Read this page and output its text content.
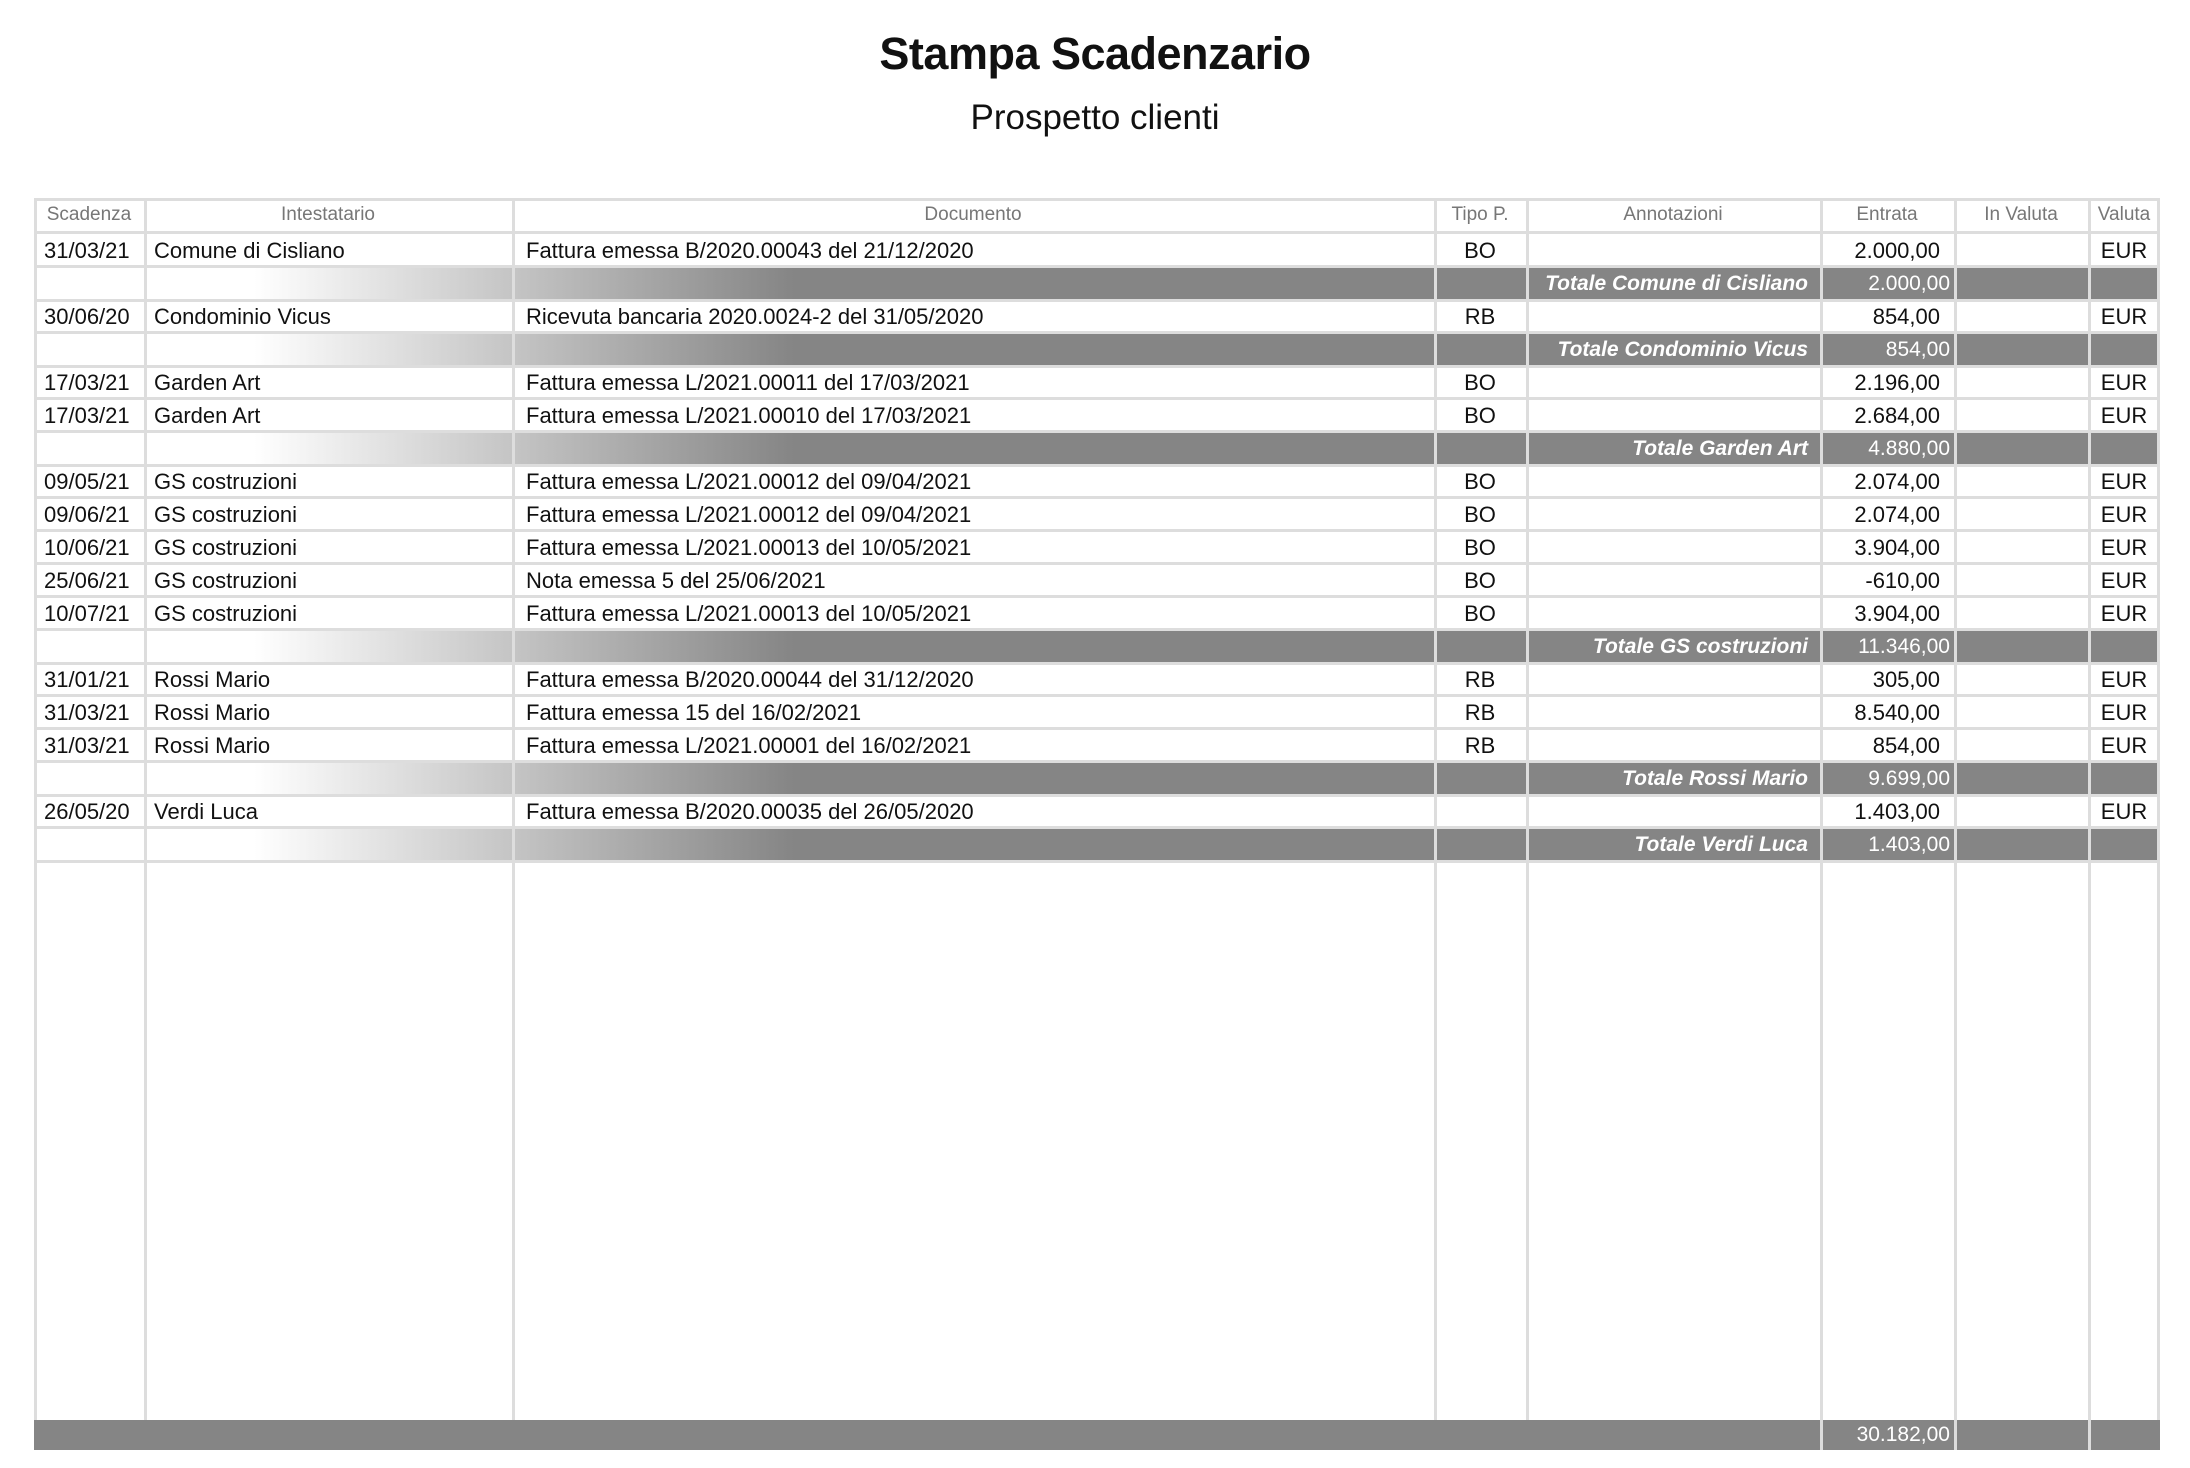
Stampa Scadenzario
Prospetto clienti
Scadenza	Intestatario	Documento	Tipo P.	Annotazioni	Entrata	In Valuta	Valuta
31/03/21	Comune di Cisliano	Fattura emessa B/2020.00043 del 21/12/2020	BO	2.000,00	EUR
Totale Comune di Cisliano	2.000,00
30/06/20	Condominio Vicus	Ricevuta bancaria 2020.0024-2 del 31/05/2020	RB	854,00	EUR
Totale Condominio Vicus	854,00
17/03/21	Garden Art	Fattura emessa L/2021.00011 del 17/03/2021	BO	2.196,00	EUR
17/03/21	Garden Art	Fattura emessa L/2021.00010 del 17/03/2021	BO	2.684,00	EUR
Totale Garden Art	4.880,00
09/05/21	GS costruzioni	Fattura emessa L/2021.00012 del 09/04/2021	BO	2.074,00	EUR
09/06/21	GS costruzioni	Fattura emessa L/2021.00012 del 09/04/2021	BO	2.074,00	EUR
10/06/21	GS costruzioni	Fattura emessa L/2021.00013 del 10/05/2021	BO	3.904,00	EUR
25/06/21	GS costruzioni	Nota emessa 5 del 25/06/2021	BO	-610,00	EUR
10/07/21	GS costruzioni	Fattura emessa L/2021.00013 del 10/05/2021	BO	3.904,00	EUR
Totale GS costruzioni	11.346,00
31/01/21	Rossi Mario	Fattura emessa B/2020.00044 del 31/12/2020	RB	305,00	EUR
31/03/21	Rossi Mario	Fattura emessa 15 del 16/02/2021	RB	8.540,00	EUR
31/03/21	Rossi Mario	Fattura emessa L/2021.00001 del 16/02/2021	RB	854,00	EUR
Totale Rossi Mario	9.699,00
26/05/20	Verdi Luca	Fattura emessa B/2020.00035 del 26/05/2020	1.403,00	EUR
Totale Verdi Luca	1.403,00
30.182,00
